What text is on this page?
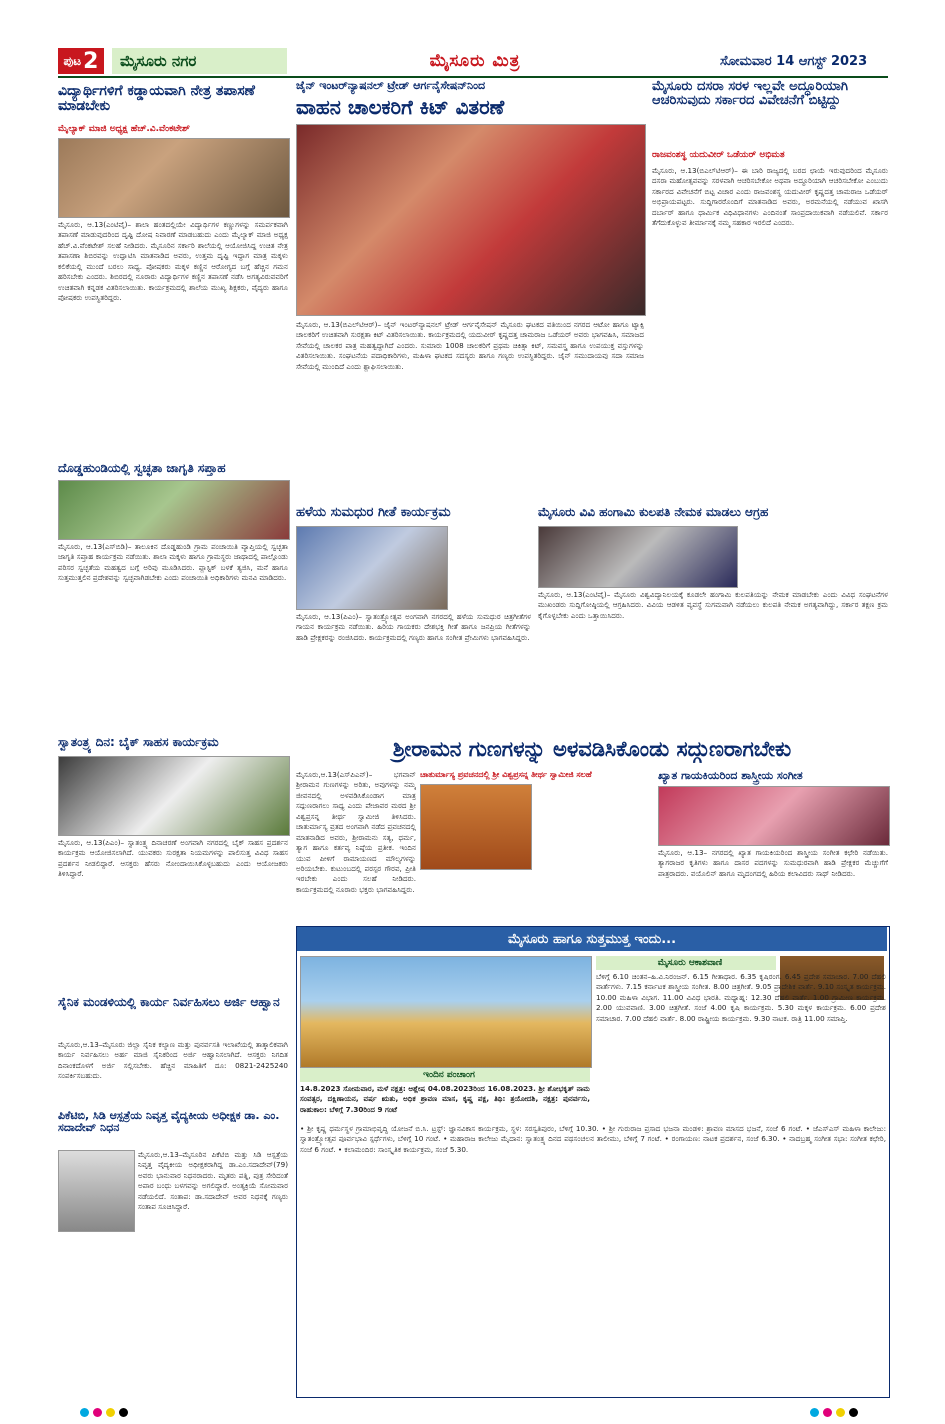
ಪುಟ 2	ಮೈಸೂರು ನಗರ	ಮೈಸೂರು ಮಿತ್ರ	ಸೋಮವಾರ 14 ಆಗಸ್ಟ್ 2023
ವಿದ್ಯಾರ್ಥಿಗಳಿಗೆ ಕಡ್ಡಾಯವಾಗಿ ನೇತ್ರ ತಪಾಸಣೆ ಮಾಡಬೇಕು
ಮೈಲ್ಯಾಕ್ ಮಾಜಿ ಅಧ್ಯಕ್ಷ ಹೆಚ್.ವಿ.ವೆಂಕಟೇಶ್
ಮೈಸೂರು, ಆ.13(ಎಂಟಿವೈ)– ಶಾಲಾ ಹಂತದಲ್ಲಿಯೇ ವಿದ್ಯಾರ್ಥಿಗಳ ಕಣ್ಣುಗಳನ್ನು ಸಮರ್ಪಕವಾಗಿ ತಪಾಸಣೆ ಮಾಡುವುದರಿಂದ ದೃಷ್ಟಿ ದೋಷ ನಿವಾರಣೆ ಮಾಡಬಹುದು ಎಂದು ಮೈಲ್ಯಾಕ್ ಮಾಜಿ ಅಧ್ಯಕ್ಷ ಹೆಚ್.ವಿ.ವೆಂಕಟೇಶ್ ಸಲಹೆ ನೀಡಿದರು. ಮೈಸೂರಿನ ಸರ್ಕಾರಿ ಶಾಲೆಯಲ್ಲಿ ಆಯೋಜಿಸಿದ್ದ ಉಚಿತ ನೇತ್ರ ತಪಾಸಣಾ ಶಿಬಿರವನ್ನು ಉದ್ಘಾಟಿಸಿ ಮಾತನಾಡಿದ ಅವರು, ಉತ್ತಮ ದೃಷ್ಟಿ ಇದ್ದಾಗ ಮಾತ್ರ ಮಕ್ಕಳು ಕಲಿಕೆಯಲ್ಲಿ ಮುಂದೆ ಬರಲು ಸಾಧ್ಯ. ಪೋಷಕರು ಮಕ್ಕಳ ಕಣ್ಣಿನ ಆರೋಗ್ಯದ ಬಗ್ಗೆ ಹೆಚ್ಚಿನ ಗಮನ ಹರಿಸಬೇಕು ಎಂದರು. ಶಿಬಿರದಲ್ಲಿ ನೂರಾರು ವಿದ್ಯಾರ್ಥಿಗಳ ಕಣ್ಣಿನ ತಪಾಸಣೆ ನಡೆಸಿ ಅಗತ್ಯವಿರುವವರಿಗೆ ಉಚಿತವಾಗಿ ಕನ್ನಡಕ ವಿತರಿಸಲಾಯಿತು. ಕಾರ್ಯಕ್ರಮದಲ್ಲಿ ಶಾಲೆಯ ಮುಖ್ಯ ಶಿಕ್ಷಕರು, ವೈದ್ಯರು ಹಾಗೂ ಪೋಷಕರು ಉಪಸ್ಥಿತರಿದ್ದರು.
ದೊಡ್ಡಹುಂಡಿಯಲ್ಲಿ ಸ್ವಚ್ಛತಾ ಜಾಗೃತಿ ಸಪ್ತಾಹ
ಮೈಸೂರು, ಆ.13(ಎಸ್‌ಬಿಡಿ)– ತಾಲೂಕಿನ ದೊಡ್ಡಹುಂಡಿ ಗ್ರಾಮ ಪಂಚಾಯಿತಿ ವ್ಯಾಪ್ತಿಯಲ್ಲಿ ಸ್ವಚ್ಛತಾ ಜಾಗೃತಿ ಸಪ್ತಾಹ ಕಾರ್ಯಕ್ರಮ ನಡೆಯಿತು. ಶಾಲಾ ಮಕ್ಕಳು ಹಾಗೂ ಗ್ರಾಮಸ್ಥರು ಜಾಥಾದಲ್ಲಿ ಪಾಲ್ಗೊಂಡು ಪರಿಸರ ಸ್ವಚ್ಛತೆಯ ಮಹತ್ವದ ಬಗ್ಗೆ ಅರಿವು ಮೂಡಿಸಿದರು. ಪ್ಲಾಸ್ಟಿಕ್ ಬಳಕೆ ತ್ಯಜಿಸಿ, ಮನೆ ಹಾಗೂ ಸುತ್ತಮುತ್ತಲಿನ ಪ್ರದೇಶವನ್ನು ಸ್ವಚ್ಛವಾಗಿಡಬೇಕು ಎಂದು ಪಂಚಾಯಿತಿ ಅಧಿಕಾರಿಗಳು ಮನವಿ ಮಾಡಿದರು.
ಸ್ವಾತಂತ್ರ್ಯ ದಿನ: ಬೈಕ್ ಸಾಹಸ ಕಾರ್ಯಕ್ರಮ
ಮೈಸೂರು, ಆ.13(ಪಿಎಂ)– ಸ್ವಾತಂತ್ರ್ಯ ದಿನಾಚರಣೆ ಅಂಗವಾಗಿ ನಗರದಲ್ಲಿ ಬೈಕ್ ಸಾಹಸ ಪ್ರದರ್ಶನ ಕಾರ್ಯಕ್ರಮ ಆಯೋಜಿಸಲಾಗಿದೆ. ಯುವಕರು ಸುರಕ್ಷತಾ ನಿಯಮಗಳನ್ನು ಪಾಲಿಸುತ್ತ ವಿವಿಧ ಸಾಹಸ ಪ್ರದರ್ಶನ ನೀಡಲಿದ್ದಾರೆ. ಆಸಕ್ತರು ಹೆಸರು ನೋಂದಾಯಿಸಿಕೊಳ್ಳಬಹುದು ಎಂದು ಆಯೋಜಕರು ತಿಳಿಸಿದ್ದಾರೆ.
ಸೈನಿಕ ಮಂಡಳಿಯಲ್ಲಿ ಕಾರ್ಯ ನಿರ್ವಹಿಸಲು ಅರ್ಜಿ ಆಹ್ವಾನ
ಮೈಸೂರು,ಆ.13–ಮೈಸೂರು ಜಿಲ್ಲಾ ಸೈನಿಕ ಕಲ್ಯಾಣ ಮತ್ತು ಪುನರ್ವಸತಿ ಇಲಾಖೆಯಲ್ಲಿ ತಾತ್ಕಾಲಿಕವಾಗಿ ಕಾರ್ಯ ನಿರ್ವಹಿಸಲು ಅರ್ಹ ಮಾಜಿ ಸೈನಿಕರಿಂದ ಅರ್ಜಿ ಆಹ್ವಾನಿಸಲಾಗಿದೆ. ಆಸಕ್ತರು ನಿಗದಿತ ದಿನಾಂಕದೊಳಗೆ ಅರ್ಜಿ ಸಲ್ಲಿಸಬೇಕು. ಹೆಚ್ಚಿನ ಮಾಹಿತಿಗೆ ದೂ: 0821-2425240 ಸಂಪರ್ಕಿಸಬಹುದು.
ಪಿಕೆಟಿಬಿ, ಸಿಡಿ ಆಸ್ಪತ್ರೆಯ ನಿವೃತ್ತ ವೈದ್ಯಕೀಯ ಅಧೀಕ್ಷಕ ಡಾ. ಎಂ. ಸದಾದೇವ್ ನಿಧನ
ಮೈಸೂರು,ಆ.13–ಮೈಸೂರಿನ ಪಿಕೆಟಿಬಿ ಮತ್ತು ಸಿಡಿ ಆಸ್ಪತ್ರೆಯ ನಿವೃತ್ತ ವೈದ್ಯಕೀಯ ಅಧೀಕ್ಷಕರಾಗಿದ್ದ ಡಾ.ಎಂ.ಸದಾದೇವ್(79) ಅವರು ಭಾನುವಾರ ನಿಧನರಾದರು. ಮೃತರು ಪತ್ನಿ, ಪುತ್ರ ಸೇರಿದಂತೆ ಅಪಾರ ಬಂಧು ಬಳಗವನ್ನು ಅಗಲಿದ್ದಾರೆ. ಅಂತ್ಯಕ್ರಿಯೆ ಸೋಮವಾರ ನಡೆಯಲಿದೆ. ಸಂತಾಪ: ಡಾ.ಸದಾದೇವ್ ಅವರ ನಿಧನಕ್ಕೆ ಗಣ್ಯರು ಸಂತಾಪ ಸೂಚಿಸಿದ್ದಾರೆ.
ಜೈನ್ ಇಂಟರ್‌ನ್ಯಾಷನಲ್ ಟ್ರೇಡ್ ಆರ್ಗನೈಸೇಷನ್‌ನಿಂದ
ವಾಹನ ಚಾಲಕರಿಗೆ ಕಿಟ್ ವಿತರಣೆ
ಮೈಸೂರು, ಆ.13(ಬಿಎಲ್‌ಟಿಆರ್)– ಜೈನ್ ಇಂಟರ್‌ನ್ಯಾಷನಲ್ ಟ್ರೇಡ್ ಆರ್ಗನೈಸೇಷನ್ ಮೈಸೂರು ಘಟಕದ ವತಿಯಿಂದ ನಗರದ ಆಟೋ ಹಾಗೂ ಟ್ಯಾಕ್ಸಿ ಚಾಲಕರಿಗೆ ಉಚಿತವಾಗಿ ಸುರಕ್ಷತಾ ಕಿಟ್ ವಿತರಿಸಲಾಯಿತು. ಕಾರ್ಯಕ್ರಮದಲ್ಲಿ ಯದುವೀರ್ ಕೃಷ್ಣದತ್ತ ಚಾಮರಾಜ ಒಡೆಯರ್ ಅವರು ಭಾಗವಹಿಸಿ, ಸಮಾಜದ ಸೇವೆಯಲ್ಲಿ ಚಾಲಕರ ಪಾತ್ರ ಮಹತ್ವದ್ದಾಗಿದೆ ಎಂದರು. ಸುಮಾರು 1008 ಚಾಲಕರಿಗೆ ಪ್ರಥಮ ಚಿಕಿತ್ಸಾ ಕಿಟ್, ಸಮವಸ್ತ್ರ ಹಾಗೂ ಉಪಯುಕ್ತ ವಸ್ತುಗಳನ್ನು ವಿತರಿಸಲಾಯಿತು. ಸಂಘಟನೆಯ ಪದಾಧಿಕಾರಿಗಳು, ಮಹಿಳಾ ಘಟಕದ ಸದಸ್ಯರು ಹಾಗೂ ಗಣ್ಯರು ಉಪಸ್ಥಿತರಿದ್ದರು. ಜೈನ್ ಸಮುದಾಯವು ಸದಾ ಸಮಾಜ ಸೇವೆಯಲ್ಲಿ ಮುಂದಿದೆ ಎಂದು ಶ್ಲಾಘಿಸಲಾಯಿತು.
ಮೈಸೂರು ದಸರಾ ಸರಳ ಇಲ್ಲವೇ ಅದ್ಧೂರಿಯಾಗಿ ಆಚರಿಸುವುದು ಸರ್ಕಾರದ ವಿವೇಚನೆಗೆ ಬಿಟ್ಟಿದ್ದು
ರಾಜವಂಶಸ್ಥ ಯದುವೀರ್ ಒಡೆಯರ್ ಅಭಿಮತ
ಮೈಸೂರು, ಆ.13(ಬಿಎಲ್‌ಟಿಆರ್)– ಈ ಬಾರಿ ರಾಜ್ಯದಲ್ಲಿ ಬರದ ಛಾಯೆ ಇರುವುದರಿಂದ ಮೈಸೂರು ದಸರಾ ಮಹೋತ್ಸವವನ್ನು ಸರಳವಾಗಿ ಆಚರಿಸಬೇಕೋ ಅಥವಾ ಅದ್ಧೂರಿಯಾಗಿ ಆಚರಿಸಬೇಕೋ ಎಂಬುದು ಸರ್ಕಾರದ ವಿವೇಚನೆಗೆ ಬಿಟ್ಟ ವಿಚಾರ ಎಂದು ರಾಜವಂಶಸ್ಥ ಯದುವೀರ್ ಕೃಷ್ಣದತ್ತ ಚಾಮರಾಜ ಒಡೆಯರ್ ಅಭಿಪ್ರಾಯಪಟ್ಟರು. ಸುದ್ದಿಗಾರರೊಂದಿಗೆ ಮಾತನಾಡಿದ ಅವರು, ಅರಮನೆಯಲ್ಲಿ ನಡೆಯುವ ಖಾಸಗಿ ದರ್ಬಾರ್ ಹಾಗೂ ಧಾರ್ಮಿಕ ವಿಧಿವಿಧಾನಗಳು ಎಂದಿನಂತೆ ಸಾಂಪ್ರದಾಯಿಕವಾಗಿ ನಡೆಯಲಿವೆ. ಸರ್ಕಾರ ತೆಗೆದುಕೊಳ್ಳುವ ತೀರ್ಮಾನಕ್ಕೆ ನಮ್ಮ ಸಹಕಾರ ಇರಲಿದೆ ಎಂದರು.
ಹಳೆಯ ಸುಮಧುರ ಗೀತೆ ಕಾರ್ಯಕ್ರಮ
ಮೈಸೂರು, ಆ.13(ಪಿಎಂ)– ಸ್ವಾತಂತ್ರ್ಯೋತ್ಸವ ಅಂಗವಾಗಿ ನಗರದಲ್ಲಿ ಹಳೆಯ ಸುಮಧುರ ಚಿತ್ರಗೀತೆಗಳ ಗಾಯನ ಕಾರ್ಯಕ್ರಮ ನಡೆಯಿತು. ಹಿರಿಯ ಗಾಯಕರು ದೇಶಭಕ್ತಿ ಗೀತೆ ಹಾಗೂ ಜನಪ್ರಿಯ ಗೀತೆಗಳನ್ನು ಹಾಡಿ ಪ್ರೇಕ್ಷಕರನ್ನು ರಂಜಿಸಿದರು. ಕಾರ್ಯಕ್ರಮದಲ್ಲಿ ಗಣ್ಯರು ಹಾಗೂ ಸಂಗೀತ ಪ್ರೇಮಿಗಳು ಭಾಗವಹಿಸಿದ್ದರು.
ಮೈಸೂರು ವಿವಿ ಹಂಗಾಮಿ ಕುಲಪತಿ ನೇಮಕ ಮಾಡಲು ಆಗ್ರಹ
ಮೈಸೂರು, ಆ.13(ಎಂಟಿವೈ)– ಮೈಸೂರು ವಿಶ್ವವಿದ್ಯಾನಿಲಯಕ್ಕೆ ಕೂಡಲೇ ಹಂಗಾಮಿ ಕುಲಪತಿಯನ್ನು ನೇಮಕ ಮಾಡಬೇಕು ಎಂದು ವಿವಿಧ ಸಂಘಟನೆಗಳ ಮುಖಂಡರು ಸುದ್ದಿಗೋಷ್ಠಿಯಲ್ಲಿ ಆಗ್ರಹಿಸಿದರು. ವಿವಿಯ ಆಡಳಿತ ವ್ಯವಸ್ಥೆ ಸುಗಮವಾಗಿ ನಡೆಯಲು ಕುಲಪತಿ ನೇಮಕ ಅಗತ್ಯವಾಗಿದ್ದು, ಸರ್ಕಾರ ತಕ್ಷಣ ಕ್ರಮ ಕೈಗೊಳ್ಳಬೇಕು ಎಂದು ಒತ್ತಾಯಿಸಿದರು.
ಶ್ರೀರಾಮನ ಗುಣಗಳನ್ನು ಅಳವಡಿಸಿಕೊಂಡು ಸದ್ಗುಣರಾಗಬೇಕು
ಮೈಸೂರು,ಆ.13(ಎಸ್‌ಪಿಎನ್)– ಭಗವಾನ್ ಶ್ರೀರಾಮನ ಗುಣಗಳನ್ನು ಅರಿತು, ಅವುಗಳನ್ನು ನಮ್ಮ ಜೀವನದಲ್ಲಿ ಅಳವಡಿಸಿಕೊಂಡಾಗ ಮಾತ್ರ ಸದ್ಗುಣರಾಗಲು ಸಾಧ್ಯ ಎಂದು ಪೇಜಾವರ ಮಠದ ಶ್ರೀ ವಿಶ್ವಪ್ರಸನ್ನ ತೀರ್ಥ ಸ್ವಾಮೀಜಿ ತಿಳಿಸಿದರು. ಚಾತುರ್ಮಾಸ್ಯ ವ್ರತದ ಅಂಗವಾಗಿ ನಡೆದ ಪ್ರವಚನದಲ್ಲಿ ಮಾತನಾಡಿದ ಅವರು, ಶ್ರೀರಾಮನು ಸತ್ಯ, ಧರ್ಮ, ತ್ಯಾಗ ಹಾಗೂ ಕರ್ತವ್ಯ ನಿಷ್ಠೆಯ ಪ್ರತೀಕ. ಇಂದಿನ ಯುವ ಪೀಳಿಗೆ ರಾಮಾಯಣದ ಮೌಲ್ಯಗಳನ್ನು ಅರಿಯಬೇಕು. ಕುಟುಂಬದಲ್ಲಿ ಪರಸ್ಪರ ಗೌರವ, ಪ್ರೀತಿ ಇರಬೇಕು ಎಂದು ಸಲಹೆ ನೀಡಿದರು. ಕಾರ್ಯಕ್ರಮದಲ್ಲಿ ನೂರಾರು ಭಕ್ತರು ಭಾಗವಹಿಸಿದ್ದರು.
ಚಾತುರ್ಮಾಸ್ಯ ಪ್ರವಚನದಲ್ಲಿ ಶ್ರೀ ವಿಶ್ವಪ್ರಸನ್ನ ತೀರ್ಥ ಸ್ವಾಮೀಜಿ ಸಲಹೆ	ಖ್ಯಾತ ಗಾಯಕಿಯರಿಂದ ಶಾಸ್ತ್ರೀಯ ಸಂಗೀತ
ಮೈಸೂರು, ಆ.13– ನಗರದಲ್ಲಿ ಖ್ಯಾತ ಗಾಯಕಿಯರಿಂದ ಶಾಸ್ತ್ರೀಯ ಸಂಗೀತ ಕಛೇರಿ ನಡೆಯಿತು. ತ್ಯಾಗರಾಜರ ಕೃತಿಗಳು ಹಾಗೂ ದಾಸರ ಪದಗಳನ್ನು ಸುಮಧುರವಾಗಿ ಹಾಡಿ ಪ್ರೇಕ್ಷಕರ ಮೆಚ್ಚುಗೆಗೆ ಪಾತ್ರರಾದರು. ವಯೊಲಿನ್ ಹಾಗೂ ಮೃದಂಗದಲ್ಲಿ ಹಿರಿಯ ಕಲಾವಿದರು ಸಾಥ್ ನೀಡಿದರು.
ಮೈಸೂರು ಹಾಗೂ ಸುತ್ತಮುತ್ತ ಇಂದು...
ಇಂದಿನ ಪಂಚಾಂಗ
14.8.2023 ಸೋಮವಾರ, ಮಳೆ ನಕ್ಷತ್ರ: ಆಶ್ಲೇಷ 04.08.2023ರಿಂದ 16.08.2023. ಶ್ರೀ ಶೋಭಕೃತ್ ನಾಮ ಸಂವತ್ಸರ, ದಕ್ಷಿಣಾಯನ, ವರ್ಷ ಋತು, ಅಧಿಕ ಶ್ರಾವಣ ಮಾಸ, ಕೃಷ್ಣ ಪಕ್ಷ, ತಿಥಿ: ತ್ರಯೋದಶಿ, ನಕ್ಷತ್ರ: ಪುನರ್ವಸು, ರಾಹುಕಾಲ: ಬೆಳಿಗ್ಗೆ 7.30ರಿಂದ 9 ಗಂಟೆ
• ಶ್ರೀ ಕೃಷ್ಣ ಧರ್ಮಸ್ಥಳ ಗ್ರಾಮಾಭಿವೃದ್ಧಿ ಯೋಜನೆ ಬಿ.ಸಿ. ಟ್ರಸ್ಟ್: ಜ್ಞಾನವಿಕಾಸ ಕಾರ್ಯಕ್ರಮ, ಸ್ಥಳ: ಸರಸ್ವತಿಪುರಂ, ಬೆಳಿಗ್ಗೆ 10.30. • ಶ್ರೀ ಗುರುರಾಜ ಪ್ರಸಾದ ಭಜನಾ ಮಂಡಳಿ: ಶ್ರಾವಣ ಮಾಸದ ಭಜನೆ, ಸಂಜೆ 6 ಗಂಟೆ. • ಜೆಎಸ್‌ಎಸ್ ಮಹಿಳಾ ಕಾಲೇಜು: ಸ್ವಾತಂತ್ರ್ಯೋತ್ಸವ ಪೂರ್ವಭಾವಿ ಸ್ಪರ್ಧೆಗಳು, ಬೆಳಿಗ್ಗೆ 10 ಗಂಟೆ. • ಮಹಾರಾಜ ಕಾಲೇಜು ಮೈದಾನ: ಸ್ವಾತಂತ್ರ್ಯ ದಿನದ ಪಥಸಂಚಲನ ತಾಲೀಮು, ಬೆಳಿಗ್ಗೆ 7 ಗಂಟೆ. • ರಂಗಾಯಣ: ನಾಟಕ ಪ್ರದರ್ಶನ, ಸಂಜೆ 6.30. • ನಾದಬ್ರಹ್ಮ ಸಂಗೀತ ಸಭಾ: ಸಂಗೀತ ಕಛೇರಿ, ಸಂಜೆ 6 ಗಂಟೆ. • ಕಲಾಮಂದಿರ: ಸಾಂಸ್ಕೃತಿಕ ಕಾರ್ಯಕ್ರಮ, ಸಂಜೆ 5.30.
ಮೈಸೂರು ಆಕಾಶವಾಣಿ
ಬೆಳಿಗ್ಗೆ 6.10 ಚಿಂತನ–ಹಿ.ವಿ.ನಿರಂಜನ್. 6.15 ಗೀತಾಧಾರ. 6.35 ಕೃಷಿರಂಗ. 6.45 ಪ್ರದೇಶ ಸಮಾಚಾರ. 7.00 ದೆಹಲಿ ವಾರ್ತೆಗಳು. 7.15 ಕರ್ನಾಟಕ ಶಾಸ್ತ್ರೀಯ ಸಂಗೀತ. 8.00 ಚಿತ್ರಗೀತೆ. 9.05 ಪ್ರಾದೇಶಿಕ ವಾರ್ತೆ. 9.10 ಸಂಸ್ಕೃತ ಕಾರ್ಯಕ್ರಮ. 10.00 ಮಹಿಳಾ ವಿಭಾಗ. 11.00 ವಿವಿಧ ಭಾರತಿ. ಮಧ್ಯಾಹ್ನ: 12.30 ದೆಹಲಿ ವಾರ್ತೆ. 1.00 ಗ್ರಾಮೀಣ ಕಾರ್ಯಕ್ರಮ. 2.00 ಯುವವಾಣಿ. 3.00 ಚಿತ್ರಗೀತೆ. ಸಂಜೆ 4.00 ಕೃಷಿ ಕಾರ್ಯಕ್ರಮ. 5.30 ಮಕ್ಕಳ ಕಾರ್ಯಕ್ರಮ. 6.00 ಪ್ರದೇಶ ಸಮಾಚಾರ. 7.00 ದೆಹಲಿ ವಾರ್ತೆ. 8.00 ರಾಷ್ಟ್ರೀಯ ಕಾರ್ಯಕ್ರಮ. 9.30 ನಾಟಕ. ರಾತ್ರಿ 11.00 ಸಮಾಪ್ತಿ.
